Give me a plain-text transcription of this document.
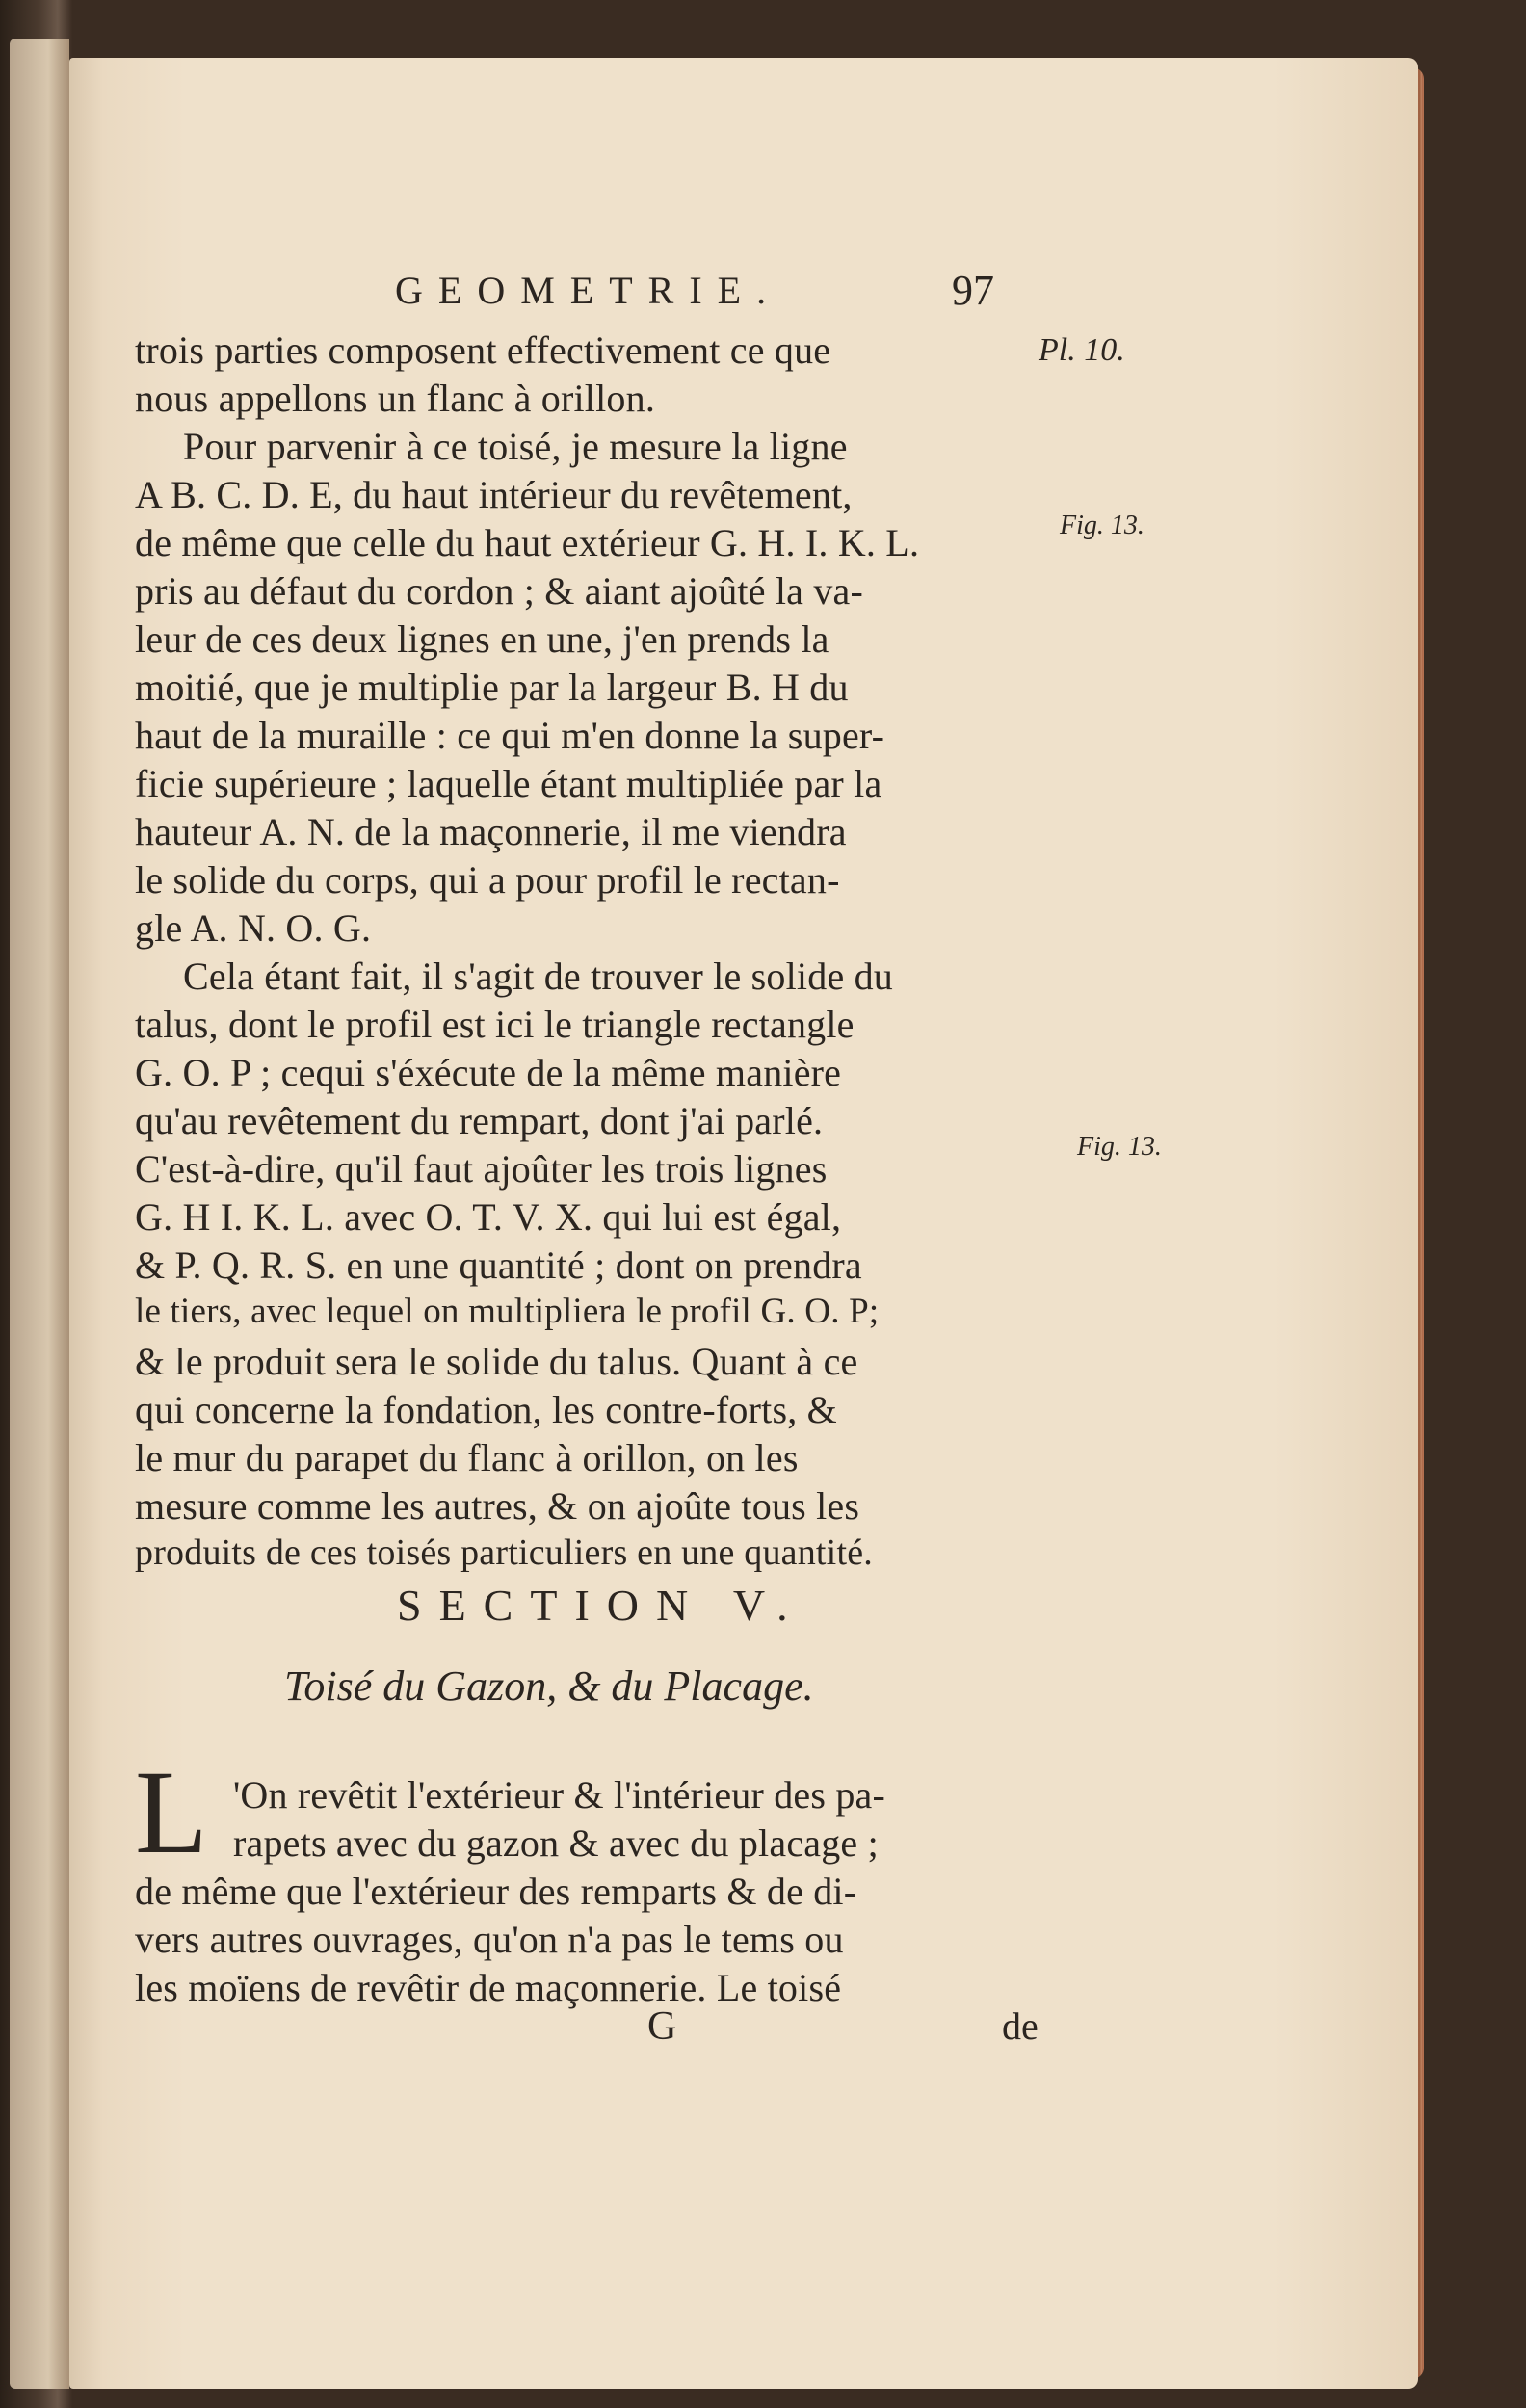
GEOMETRIE.	97
Pl. 10.
Fig. 13.
Fig. 13.
trois parties composent effectivement ce que
nous appellons un flanc à orillon.
Pour parvenir à ce toisé, je mesure la ligne
A B. C. D. E, du haut intérieur du revêtement,
de même que celle du haut extérieur G. H. I. K. L.
pris au défaut du cordon ; & aiant ajoûté la va-
leur de ces deux lignes en une, j'en prends la
moitié, que je multiplie par la largeur B. H du
haut de la muraille : ce qui m'en donne la super-
ficie supérieure ; laquelle étant multipliée par la
hauteur A. N. de la maçonnerie, il me viendra
le solide du corps, qui a pour profil le rectan-
gle A. N. O. G.
Cela étant fait, il s'agit de trouver le solide du
talus, dont le profil est ici le triangle rectangle
G. O. P ; cequi s'éxécute de la même manière
qu'au revêtement du rempart, dont j'ai parlé.
C'est-à-dire, qu'il faut ajoûter les trois lignes
G. H I. K. L. avec O. T. V. X. qui lui est égal,
& P. Q. R. S. en une quantité ; dont on prendra
le tiers, avec lequel on multipliera le profil G. O. P;
& le produit sera le solide du talus. Quant à ce
qui concerne la fondation, les contre-forts, &
le mur du parapet du flanc à orillon, on les
mesure comme les autres, & on ajoûte tous les
produits de ces toisés particuliers en une quantité.
SECTION V.
Toisé du Gazon, & du Placage.
L 'On revêtit l'extérieur & l'intérieur des pa-
rapets avec du gazon & avec du placage ;
de même que l'extérieur des remparts & de di-
vers autres ouvrages, qu'on n'a pas le tems ou
les moïens de revêtir de maçonnerie. Le toisé
G	de
